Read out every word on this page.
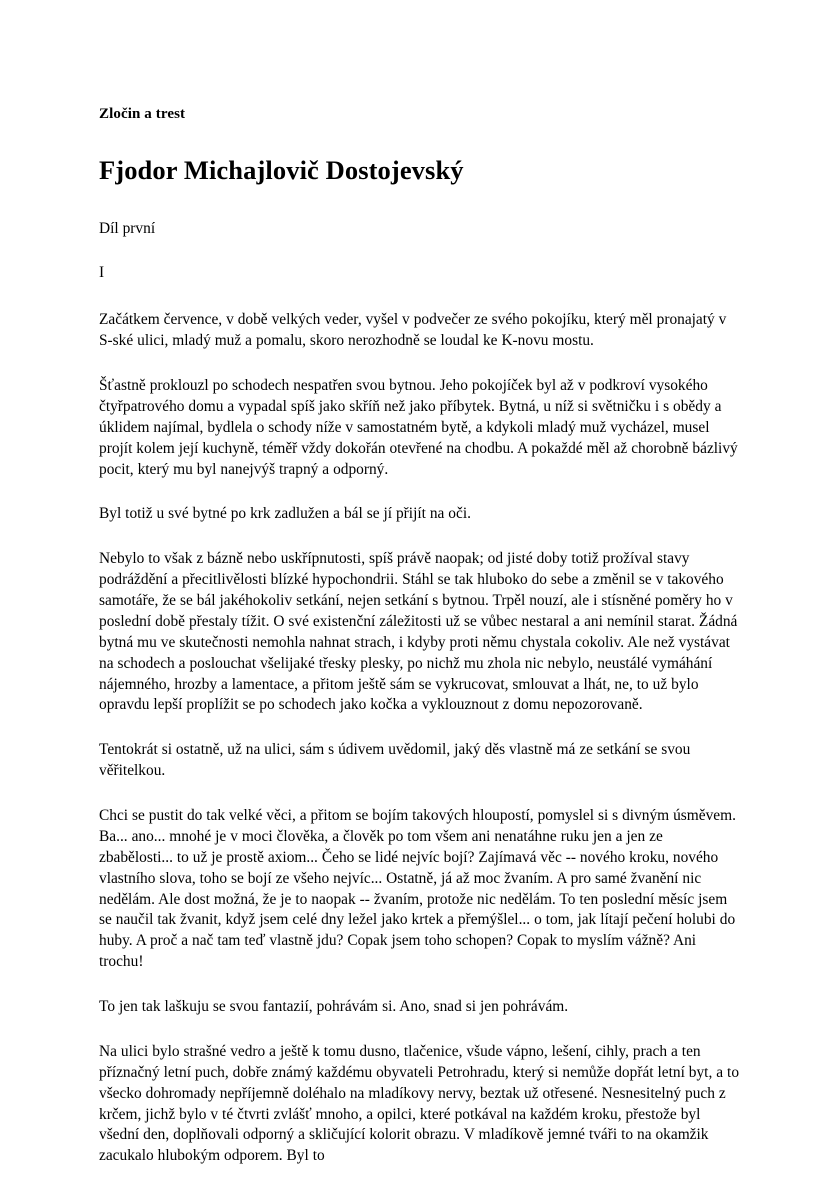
Zločin a trest
Fjodor Michajlovič Dostojevský

Díl první

I

Začátkem července, v době velkých veder, vyšel v podvečer ze svého pokojíku, který měl pronajatý v S-ské ulici, mladý muž a pomalu, skoro nerozhodně se loudal ke K-novu mostu.

Šťastně proklouzl po schodech nespatřen svou bytnou. Jeho pokojíček byl až v podkroví vysokého čtyřpatrového domu a vypadal spíš jako skříň než jako příbytek. Bytná, u níž si světničku i s obědy a úklidem najímal, bydlela o schody níže v samostatném bytě, a kdykoli mladý muž vycházel, musel projít kolem její kuchyně, téměř vždy dokořán otevřené na chodbu. A pokaždé měl až chorobně bázlivý pocit, který mu byl nanejvýš trapný a odporný.

Byl totiž u své bytné po krk zadlužen a bál se jí přijít na oči.

Nebylo to však z bázně nebo uskřípnutosti, spíš právě naopak; od jisté doby totiž prožíval stavy podráždění a přecitlivělosti blízké hypochondrii. Stáhl se tak hluboko do sebe a změnil se v takového samotáře, že se bál jakéhokoliv setkání, nejen setkání s bytnou. Trpěl nouzí, ale i stísněné poměry ho v poslední době přestaly tížit. O své existenční záležitosti už se vůbec nestaral a ani nemínil starat. Žádná bytná mu ve skutečnosti nemohla nahnat strach, i kdyby proti němu chystala cokoliv. Ale než vystávat na schodech a poslouchat všelijaké třesky plesky, po nichž mu zhola nic nebylo, neustálé vymáhání nájemného, hrozby a lamentace, a přitom ještě sám se vykrucovat, smlouvat a lhát, ne, to už bylo opravdu lepší proplížit se po schodech jako kočka a vyklouznout z domu nepozorovaně.

Tentokrát si ostatně, už na ulici, sám s údivem uvědomil, jaký děs vlastně má ze setkání se svou věřitelkou.

Chci se pustit do tak velké věci, a přitom se bojím takových hloupostí, pomyslel si s divným úsměvem. Ba... ano... mnohé je v moci člověka, a člověk po tom všem ani nenatáhne ruku jen a jen ze zbabělosti... to už je prostě axiom... Čeho se lidé nejvíc bojí? Zajímavá věc -- nového kroku, nového vlastního slova, toho se bojí ze všeho nejvíc... Ostatně, já až moc žvaním. A pro samé žvanění nic nedělám. Ale dost možná, že je to naopak -- žvaním, protože nic nedělám. To ten poslední měsíc jsem se naučil tak žvanit, když jsem celé dny ležel jako krtek a přemýšlel... o tom, jak lítají pečení holubi do huby. A proč a nač tam teď vlastně jdu? Copak jsem toho schopen? Copak to myslím vážně? Ani trochu!

To jen tak laškuju se svou fantazií, pohrávám si. Ano, snad si jen pohrávám.

Na ulici bylo strašné vedro a ještě k tomu dusno, tlačenice, všude vápno, lešení, cihly, prach a ten příznačný letní puch, dobře známý každému obyvateli Petrohradu, který si nemůže dopřát letní byt, a to všecko dohromady nepříjemně doléhalo na mladíkovy nervy, beztak už otřesené. Nesnesitelný puch z krčem, jichž bylo v té čtvrti zvlášť mnoho, a opilci, které potkával na každém kroku, přestože byl všední den, doplňovali odporný a skličující kolorit obrazu. V mladíkově jemné tváři to na okamžik zacukalo hlubokým odporem. Byl to
